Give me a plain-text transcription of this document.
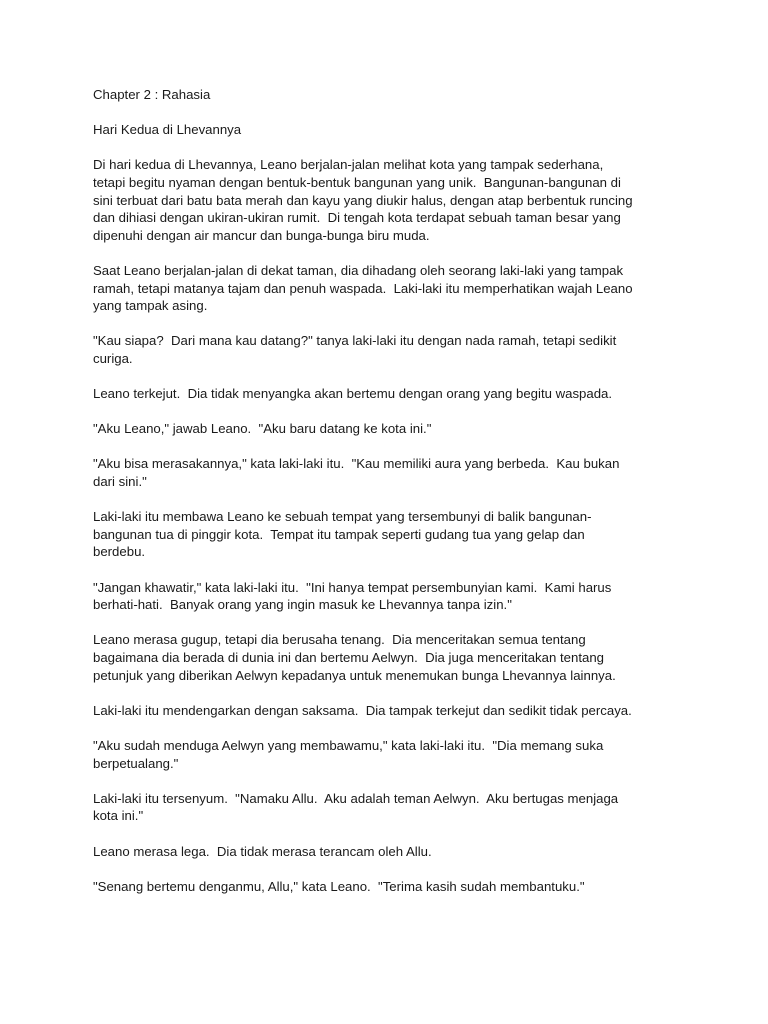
Chapter 2 : Rahasia

Hari Kedua di Lhevannya

Di hari kedua di Lhevannya, Leano berjalan-jalan melihat kota yang tampak sederhana,
tetapi begitu nyaman dengan bentuk-bentuk bangunan yang unik.  Bangunan-bangunan di
sini terbuat dari batu bata merah dan kayu yang diukir halus, dengan atap berbentuk runcing
dan dihiasi dengan ukiran-ukiran rumit.  Di tengah kota terdapat sebuah taman besar yang
dipenuhi dengan air mancur dan bunga-bunga biru muda.

Saat Leano berjalan-jalan di dekat taman, dia dihadang oleh seorang laki-laki yang tampak
ramah, tetapi matanya tajam dan penuh waspada.  Laki-laki itu memperhatikan wajah Leano
yang tampak asing.

"Kau siapa?  Dari mana kau datang?" tanya laki-laki itu dengan nada ramah, tetapi sedikit
curiga.

Leano terkejut.  Dia tidak menyangka akan bertemu dengan orang yang begitu waspada.

"Aku Leano," jawab Leano.  "Aku baru datang ke kota ini."

"Aku bisa merasakannya," kata laki-laki itu.  "Kau memiliki aura yang berbeda.  Kau bukan
dari sini."

Laki-laki itu membawa Leano ke sebuah tempat yang tersembunyi di balik bangunan-
bangunan tua di pinggir kota.  Tempat itu tampak seperti gudang tua yang gelap dan
berdebu.

"Jangan khawatir," kata laki-laki itu.  "Ini hanya tempat persembunyian kami.  Kami harus
berhati-hati.  Banyak orang yang ingin masuk ke Lhevannya tanpa izin."

Leano merasa gugup, tetapi dia berusaha tenang.  Dia menceritakan semua tentang
bagaimana dia berada di dunia ini dan bertemu Aelwyn.  Dia juga menceritakan tentang
petunjuk yang diberikan Aelwyn kepadanya untuk menemukan bunga Lhevannya lainnya.

Laki-laki itu mendengarkan dengan saksama.  Dia tampak terkejut dan sedikit tidak percaya.

"Aku sudah menduga Aelwyn yang membawamu," kata laki-laki itu.  "Dia memang suka
berpetualang."

Laki-laki itu tersenyum.  "Namaku Allu.  Aku adalah teman Aelwyn.  Aku bertugas menjaga
kota ini."

Leano merasa lega.  Dia tidak merasa terancam oleh Allu.

"Senang bertemu denganmu, Allu," kata Leano.  "Terima kasih sudah membantuku."
